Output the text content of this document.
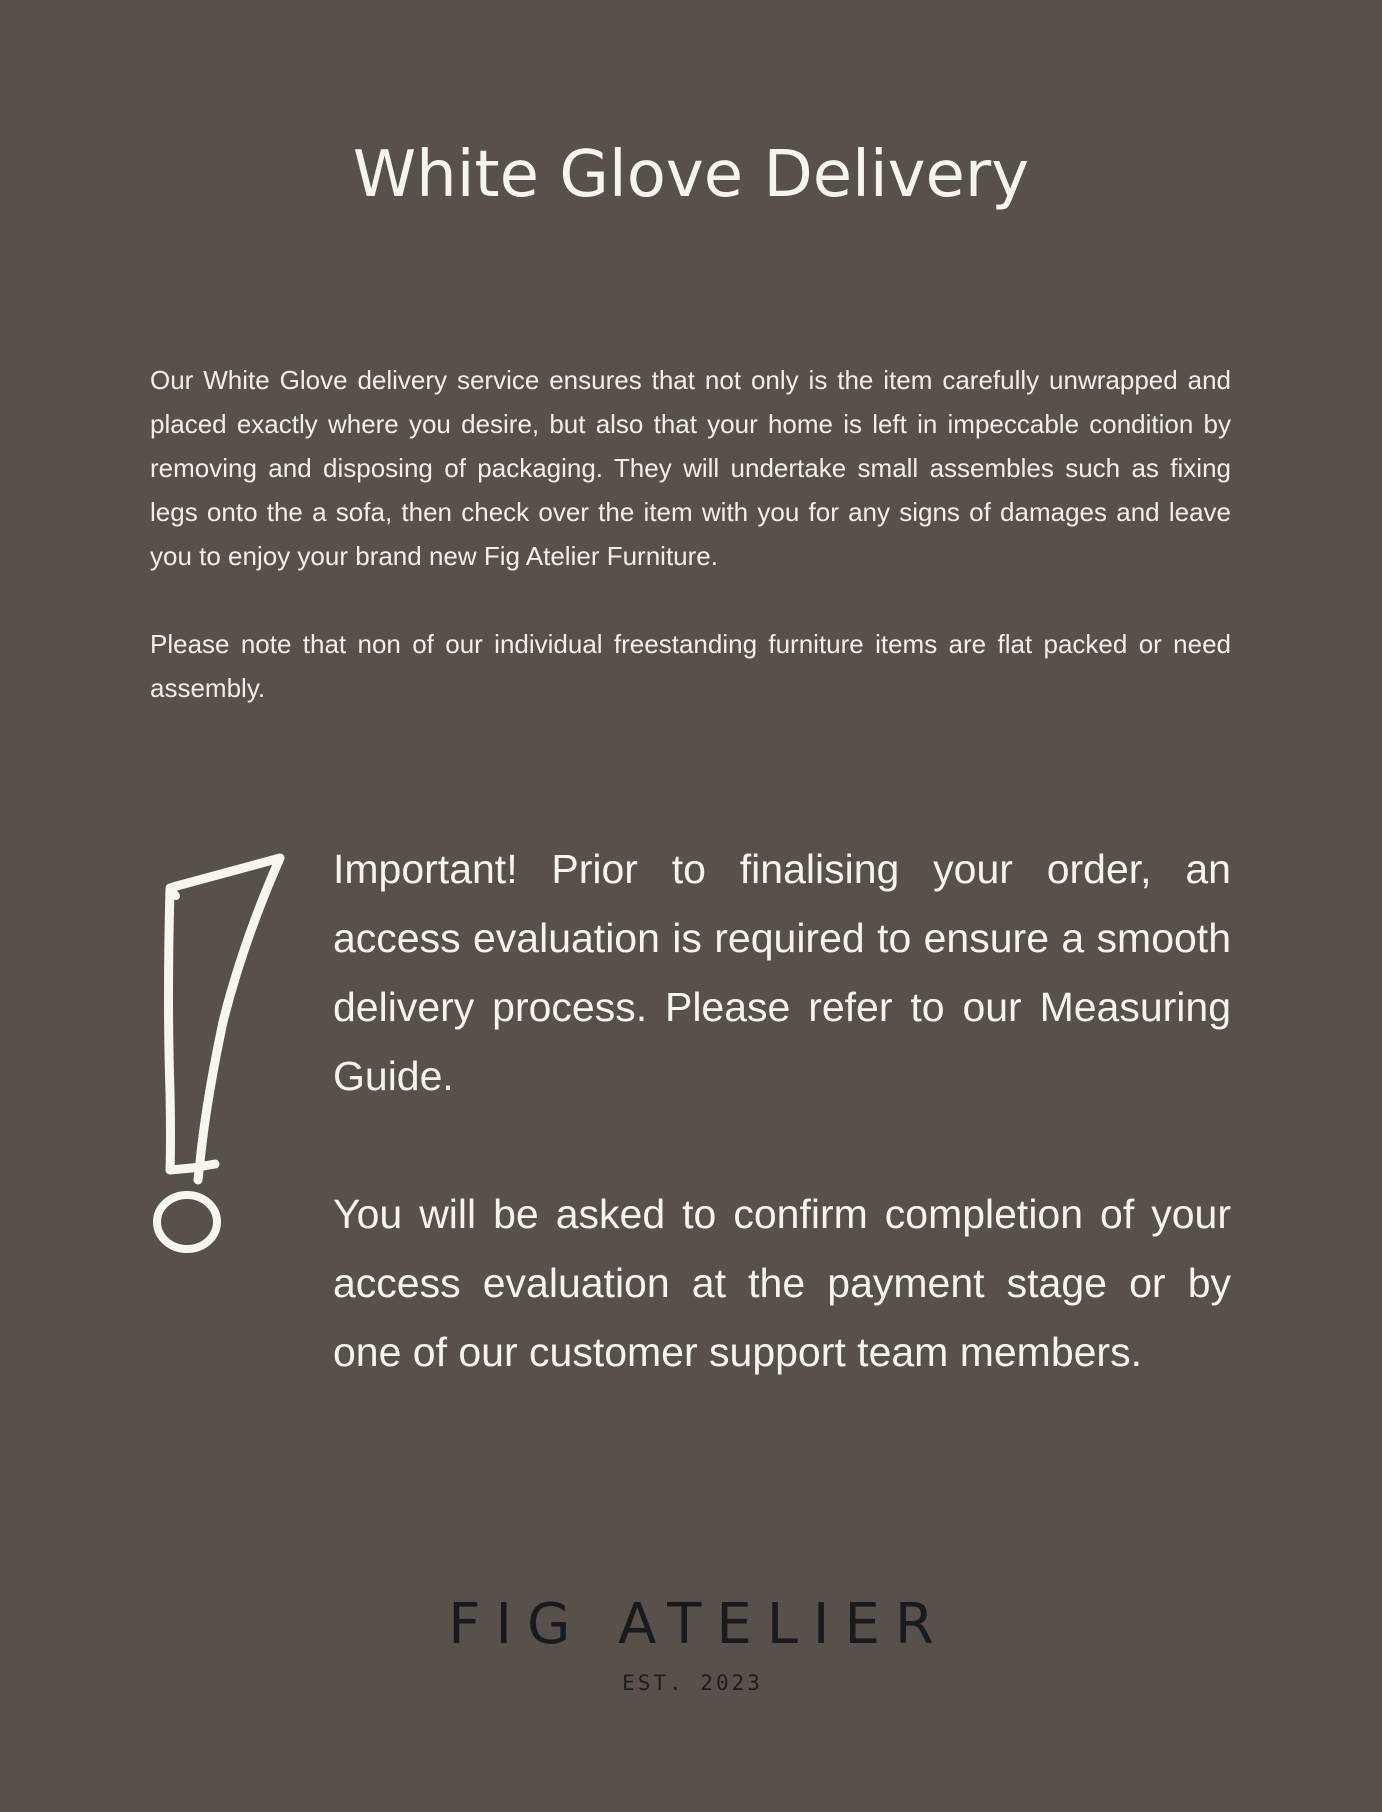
White Glove Delivery

Our White Glove delivery service ensures that not only is the item carefully unwrapped and placed exactly where you desire, but also that your home is left in impeccable condition by removing and disposing of packaging. They will undertake small assembles such as fixing legs onto the a sofa, then check over the item with you for any signs of damages and leave you to enjoy your brand new Fig Atelier Furniture.

Please note that non of our individual freestanding furniture items are flat packed or need assembly.

Important! Prior to finalising your order, an access evaluation is required to ensure a smooth delivery process. Please refer to our Measuring Guide.

You will be asked to confirm completion of your access evaluation at the payment stage or by one of our customer support team members.

FIG ATELIER
EST. 2023
